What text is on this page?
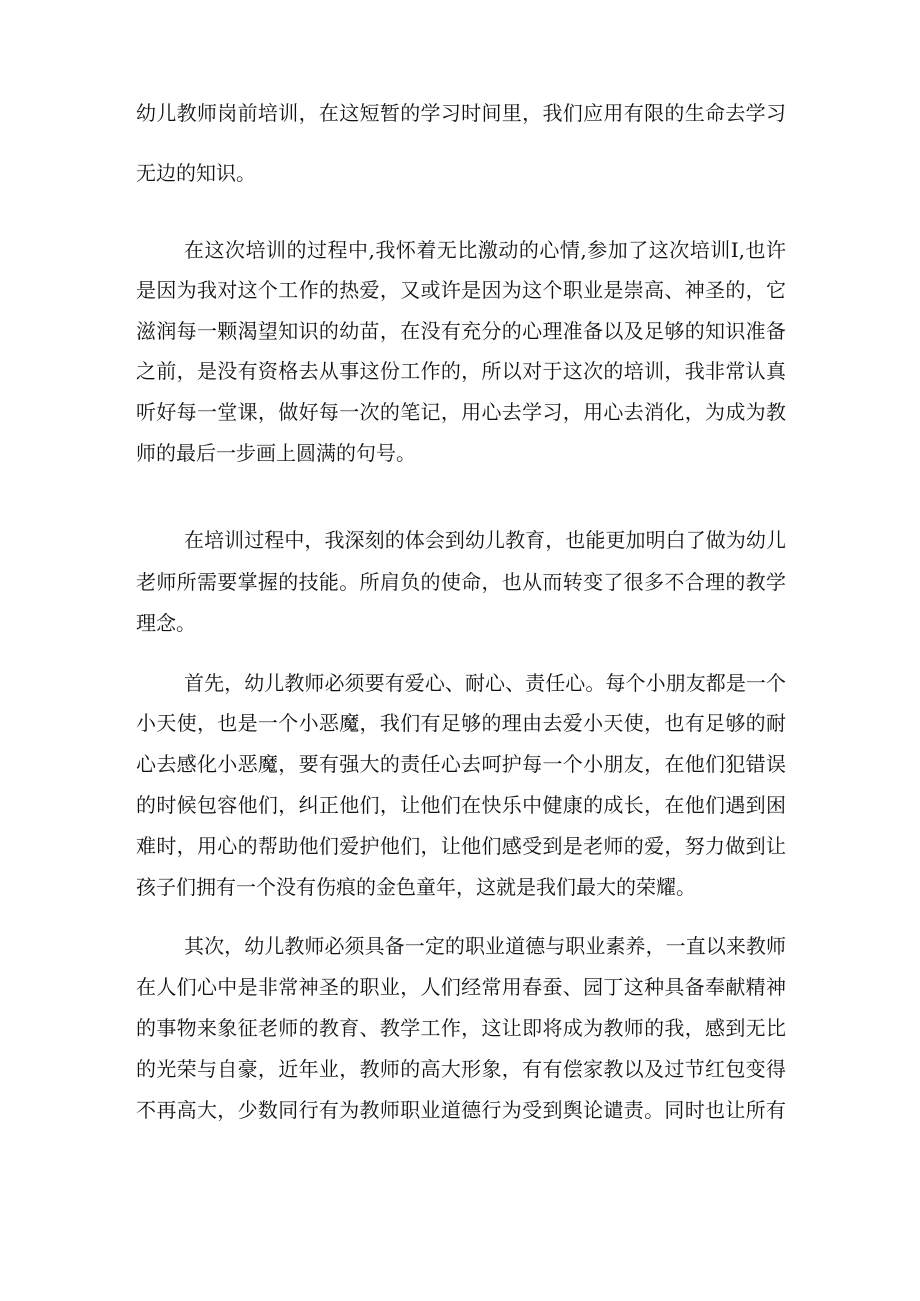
幼儿教师岗前培训，在这短暂的学习时间里，我们应用有限的生命去学习
无边的知识。
在这次培训的过程中,我怀着无比激动的心情,参加了这次培训I,也许
是因为我对这个工作的热爱，又或许是因为这个职业是崇高、神圣的，它
滋润每一颗渴望知识的幼苗，在没有充分的心理准备以及足够的知识准备
之前，是没有资格去从事这份工作的，所以对于这次的培训，我非常认真
听好每一堂课，做好每一次的笔记，用心去学习，用心去消化，为成为教
师的最后一步画上圆满的句号。
在培训过程中，我深刻的体会到幼儿教育，也能更加明白了做为幼儿
老师所需要掌握的技能。所肩负的使命，也从而转变了很多不合理的教学
理念。
首先，幼儿教师必须要有爱心、耐心、责任心。每个小朋友都是一个
小天使，也是一个小恶魔，我们有足够的理由去爱小天使，也有足够的耐
心去感化小恶魔，要有强大的责任心去呵护每一个小朋友，在他们犯错误
的时候包容他们，纠正他们，让他们在快乐中健康的成长，在他们遇到困
难时，用心的帮助他们爱护他们，让他们感受到是老师的爱，努力做到让
孩子们拥有一个没有伤痕的金色童年，这就是我们最大的荣耀。
其次，幼儿教师必须具备一定的职业道德与职业素养，一直以来教师
在人们心中是非常神圣的职业，人们经常用春蚕、园丁这种具备奉献精神
的事物来象征老师的教育、教学工作，这让即将成为教师的我，感到无比
的光荣与自豪，近年业，教师的高大形象，有有偿家教以及过节红包变得
不再高大，少数同行有为教师职业道德行为受到舆论谴责。同时也让所有
